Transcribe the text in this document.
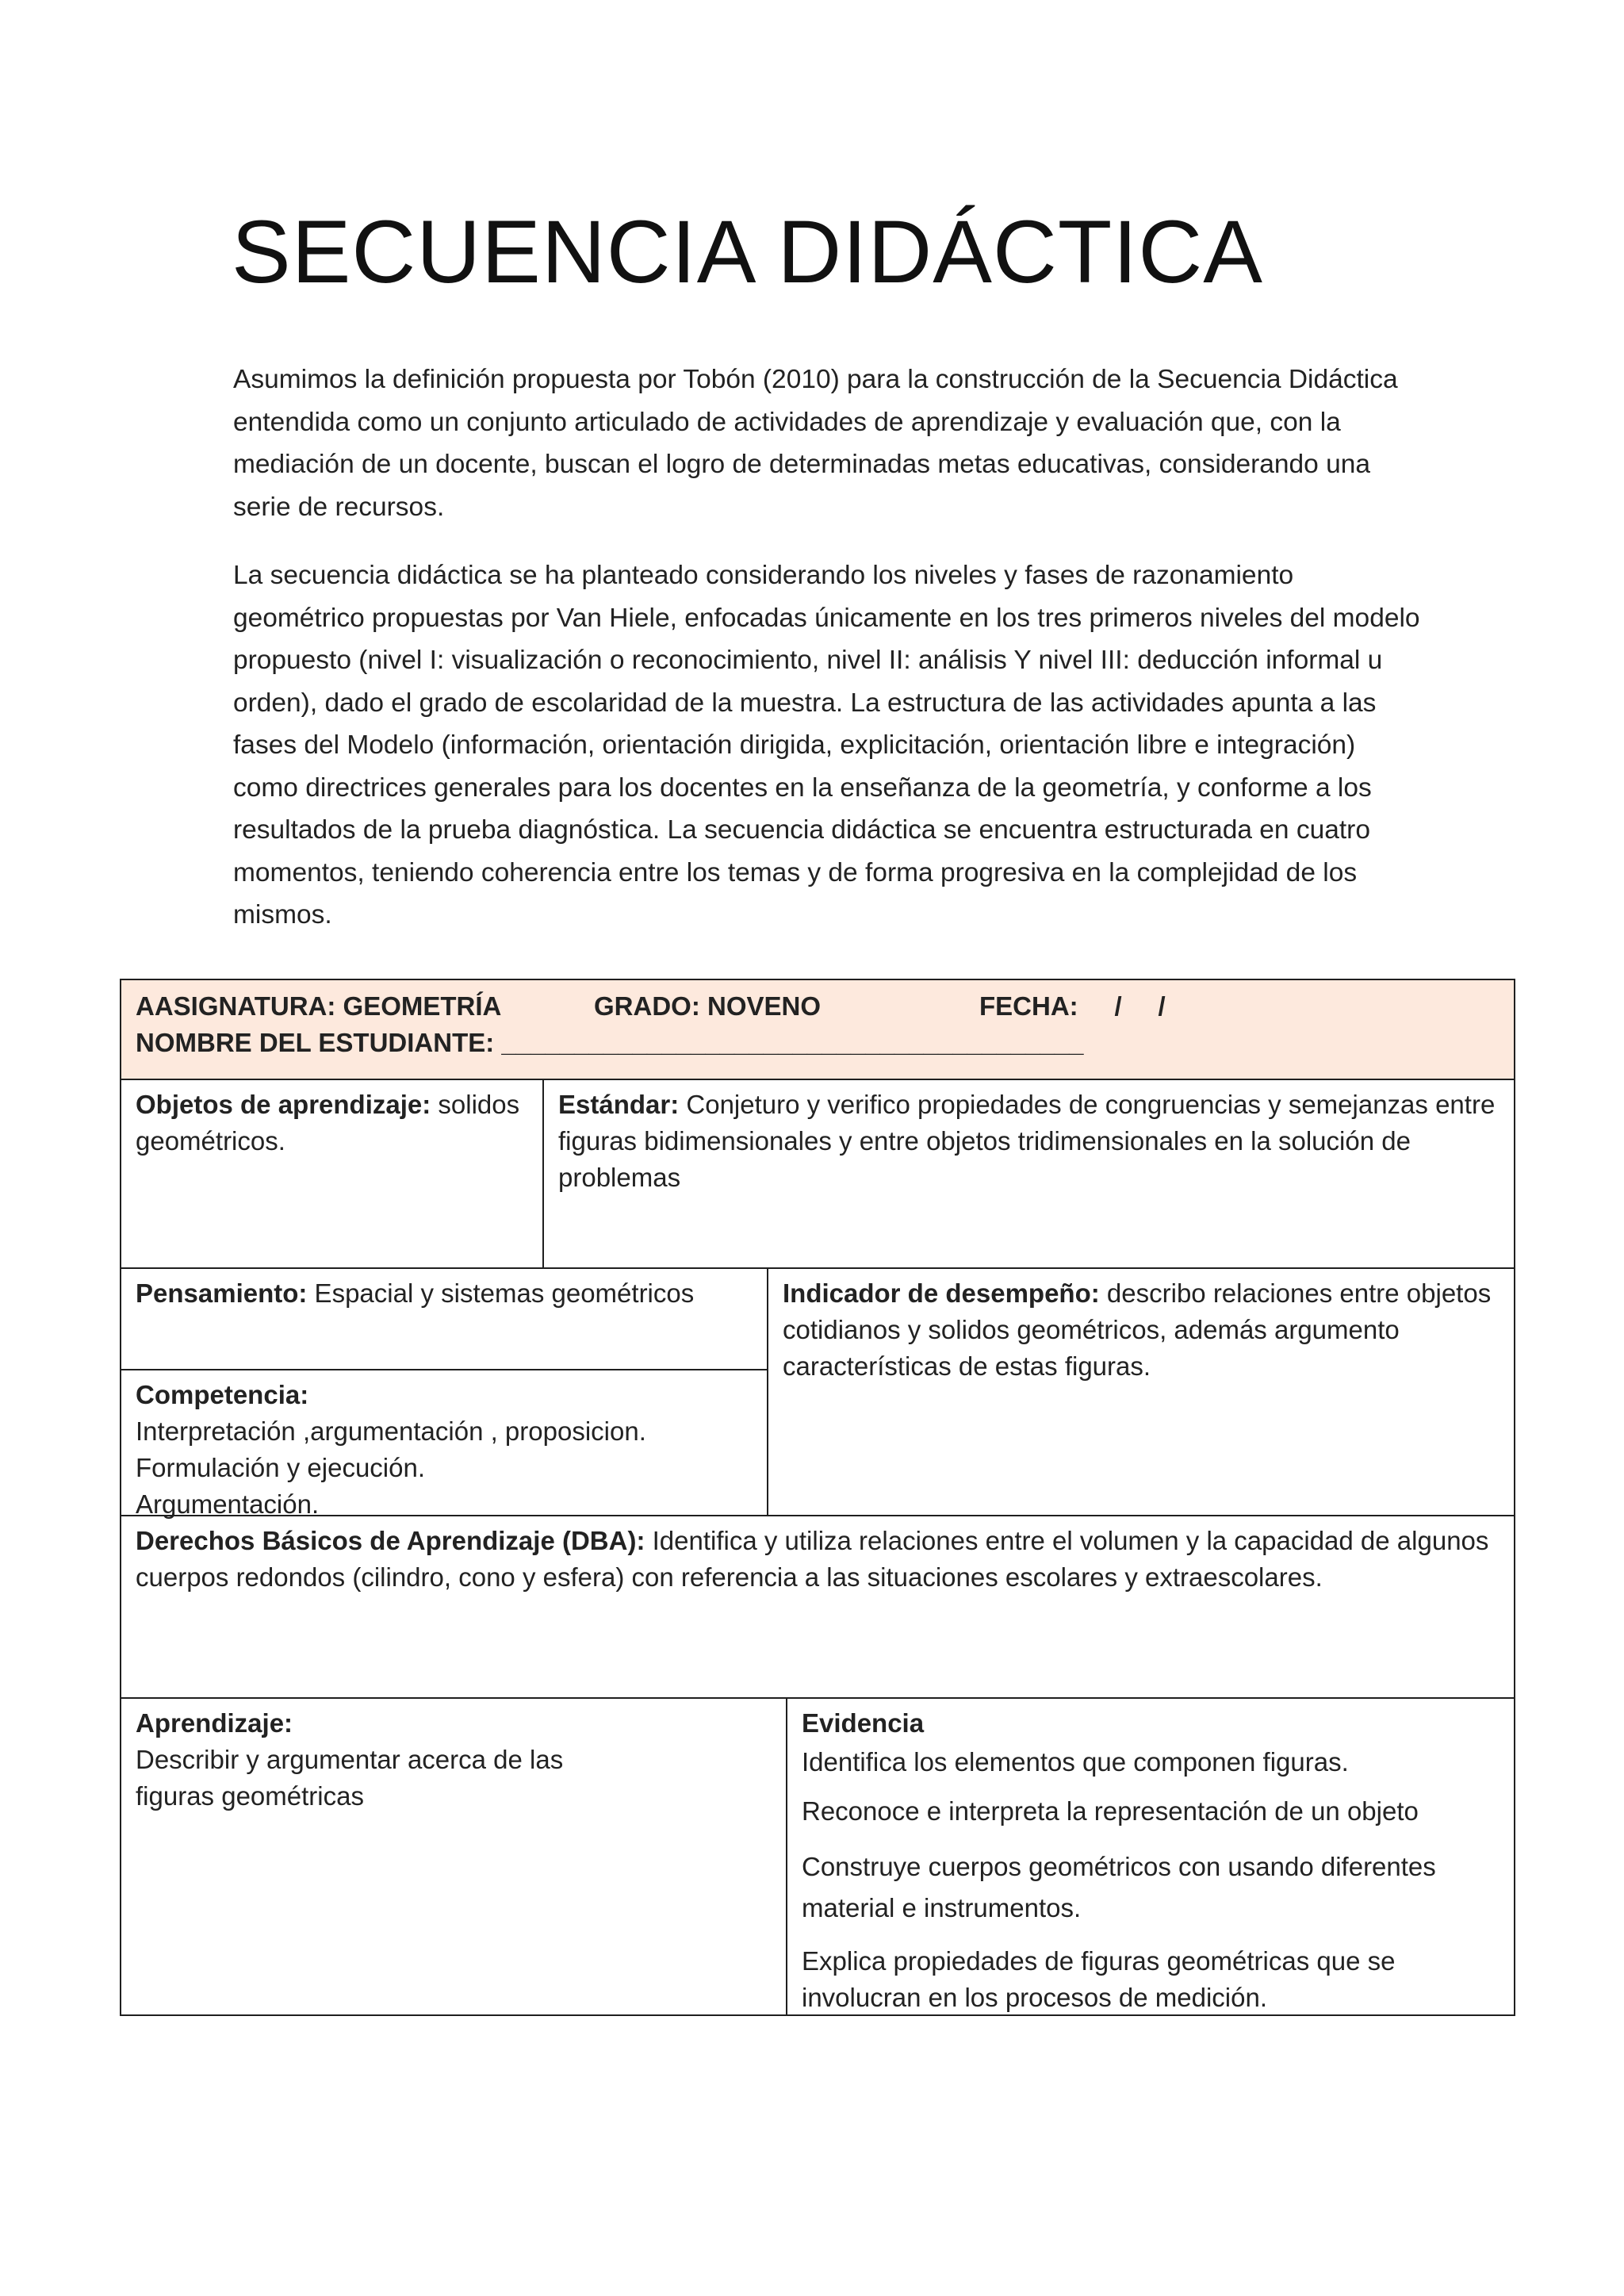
SECUENCIA DIDÁCTICA

Asumimos la definición propuesta por Tobón (2010) para la construcción de la Secuencia Didáctica entendida como un conjunto articulado de actividades de aprendizaje y evaluación que, con la mediación de un docente, buscan el logro de determinadas metas educativas, considerando una serie de recursos.

La secuencia didáctica se ha planteado considerando los niveles y fases de razonamiento geométrico propuestas por Van Hiele, enfocadas únicamente en los tres primeros niveles del modelo propuesto (nivel I: visualización o reconocimiento, nivel II: análisis Y nivel III: deducción informal u orden), dado el grado de escolaridad de la muestra. La estructura de las actividades apunta a las fases del Modelo (información, orientación dirigida, explicitación, orientación libre e integración) como directrices generales para los docentes en la enseñanza de la geometría, y conforme a los resultados de la prueba diagnóstica. La secuencia didáctica se encuentra estructurada en cuatro momentos, teniendo coherencia entre los temas y de forma progresiva en la complejidad de los mismos.

AASIGNATURA: GEOMETRÍA	GRADO: NOVENO	FECHA:     /     /
NOMBRE DEL ESTUDIANTE: ________________________________________
Objetos de aprendizaje: solidos geométricos.
Estándar: Conjeturo y verifico propiedades de congruencias y semejanzas entre figuras bidimensionales y entre objetos tridimensionales en la solución de problemas
Pensamiento: Espacial y sistemas geométricos
Competencia:
Interpretación ,argumentación , proposicion.
Formulación y ejecución.
Argumentación.
Indicador de desempeño: describo relaciones entre objetos cotidianos y solidos geométricos, además argumento características de estas figuras.
Derechos Básicos de Aprendizaje (DBA): Identifica y utiliza relaciones entre el volumen y la capacidad de algunos cuerpos redondos (cilindro, cono y esfera) con referencia a las situaciones escolares y extraescolares.
Aprendizaje:
Describir y argumentar acerca de las figuras geométricas
Evidencia

Identifica los elementos que componen figuras.

Reconoce e interpreta la representación de un objeto

Construye cuerpos geométricos con usando diferentes material e instrumentos.

Explica propiedades de figuras geométricas que se involucran en los procesos de medición.
